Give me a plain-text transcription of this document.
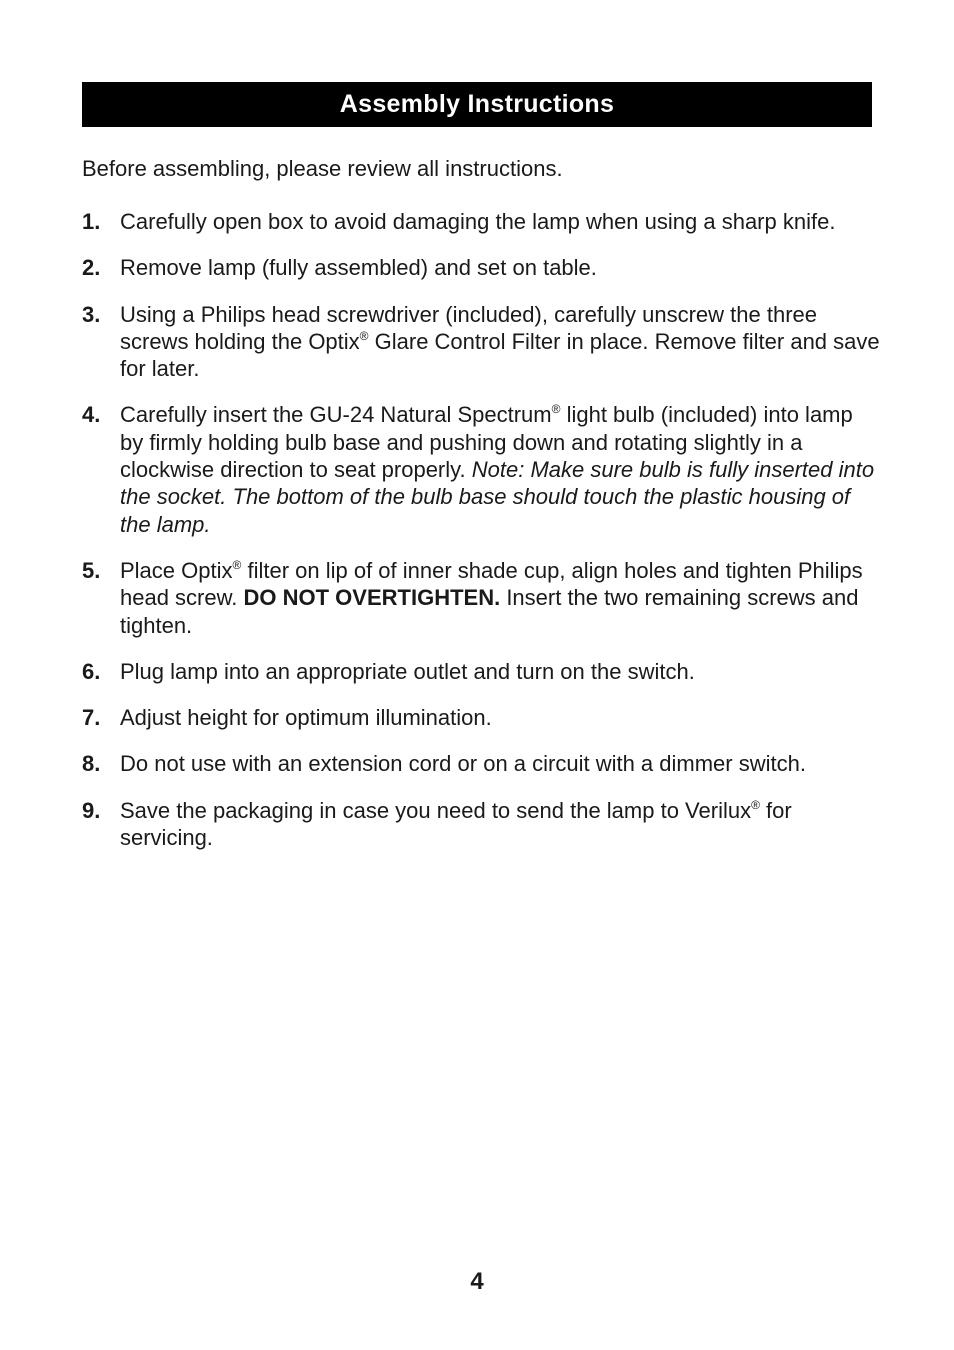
Assembly Instructions

Before assembling, please review all instructions.

1. Carefully open box to avoid damaging the lamp when using a sharp knife.
2. Remove lamp (fully assembled) and set on table.
3. Using a Philips head screwdriver (included), carefully unscrew the three screws holding the Optix® Glare Control Filter in place. Remove filter and save for later.
4. Carefully insert the GU-24 Natural Spectrum® light bulb (included) into lamp by firmly holding bulb base and pushing down and rotating slightly in a clockwise direction to seat properly. Note: Make sure bulb is fully inserted into the socket. The bottom of the bulb base should touch the plastic housing of the lamp.
5. Place Optix® filter on lip of of inner shade cup, align holes and tighten Philips head screw. DO NOT OVERTIGHTEN. Insert the two remaining screws and tighten.
6. Plug lamp into an appropriate outlet and turn on the switch.
7. Adjust height for optimum illumination.
8. Do not use with an extension cord or on a circuit with a dimmer switch.
9. Save the packaging in case you need to send the lamp to Verilux® for servicing.
4
